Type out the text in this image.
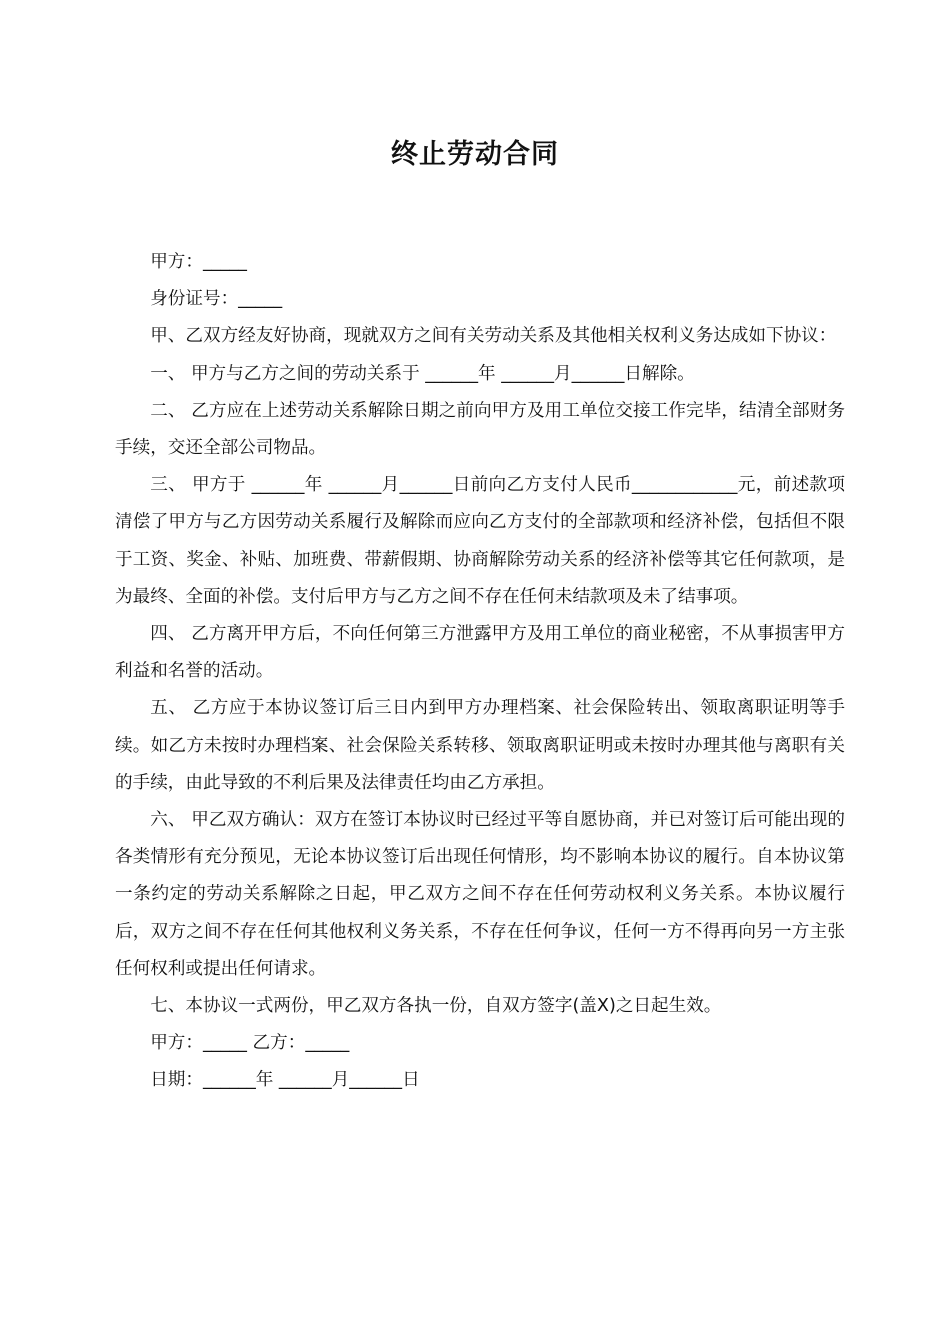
终止劳动合同

甲方：_____

身份证号：_____

甲、乙双方经友好协商，现就双方之间有关劳动关系及其他相关权利义务达成如下协议：

一、 甲方与乙方之间的劳动关系于 ______年 ______月______日解除。

二、 乙方应在上述劳动关系解除日期之前向甲方及用工单位交接工作完毕，结清全部财务手续，交还全部公司物品。

三、 甲方于 ______年 ______月______日前向乙方支付人民币____________元，前述款项清偿了甲方与乙方因劳动关系履行及解除而应向乙方支付的全部款项和经济补偿，包括但不限于工资、奖金、补贴、加班费、带薪假期、协商解除劳动关系的经济补偿等其它任何款项，是为最终、全面的补偿。支付后甲方与乙方之间不存在任何未结款项及未了结事项。

四、 乙方离开甲方后，不向任何第三方泄露甲方及用工单位的商业秘密，不从事损害甲方利益和名誉的活动。

五、 乙方应于本协议签订后三日内到甲方办理档案、社会保险转出、领取离职证明等手续。如乙方未按时办理档案、社会保险关系转移、领取离职证明或未按时办理其他与离职有关的手续，由此导致的不利后果及法律责任均由乙方承担。

六、 甲乙双方确认：双方在签订本协议时已经过平等自愿协商，并已对签订后可能出现的各类情形有充分预见，无论本协议签订后出现任何情形，均不影响本协议的履行。自本协议第一条约定的劳动关系解除之日起，甲乙双方之间不存在任何劳动权利义务关系。本协议履行后，双方之间不存在任何其他权利义务关系，不存在任何争议，任何一方不得再向另一方主张任何权利或提出任何请求。

七、本协议一式两份，甲乙双方各执一份，自双方签字(盖X)之日起生效。

甲方：_____ 乙方：_____

日期：______年 ______月______日
